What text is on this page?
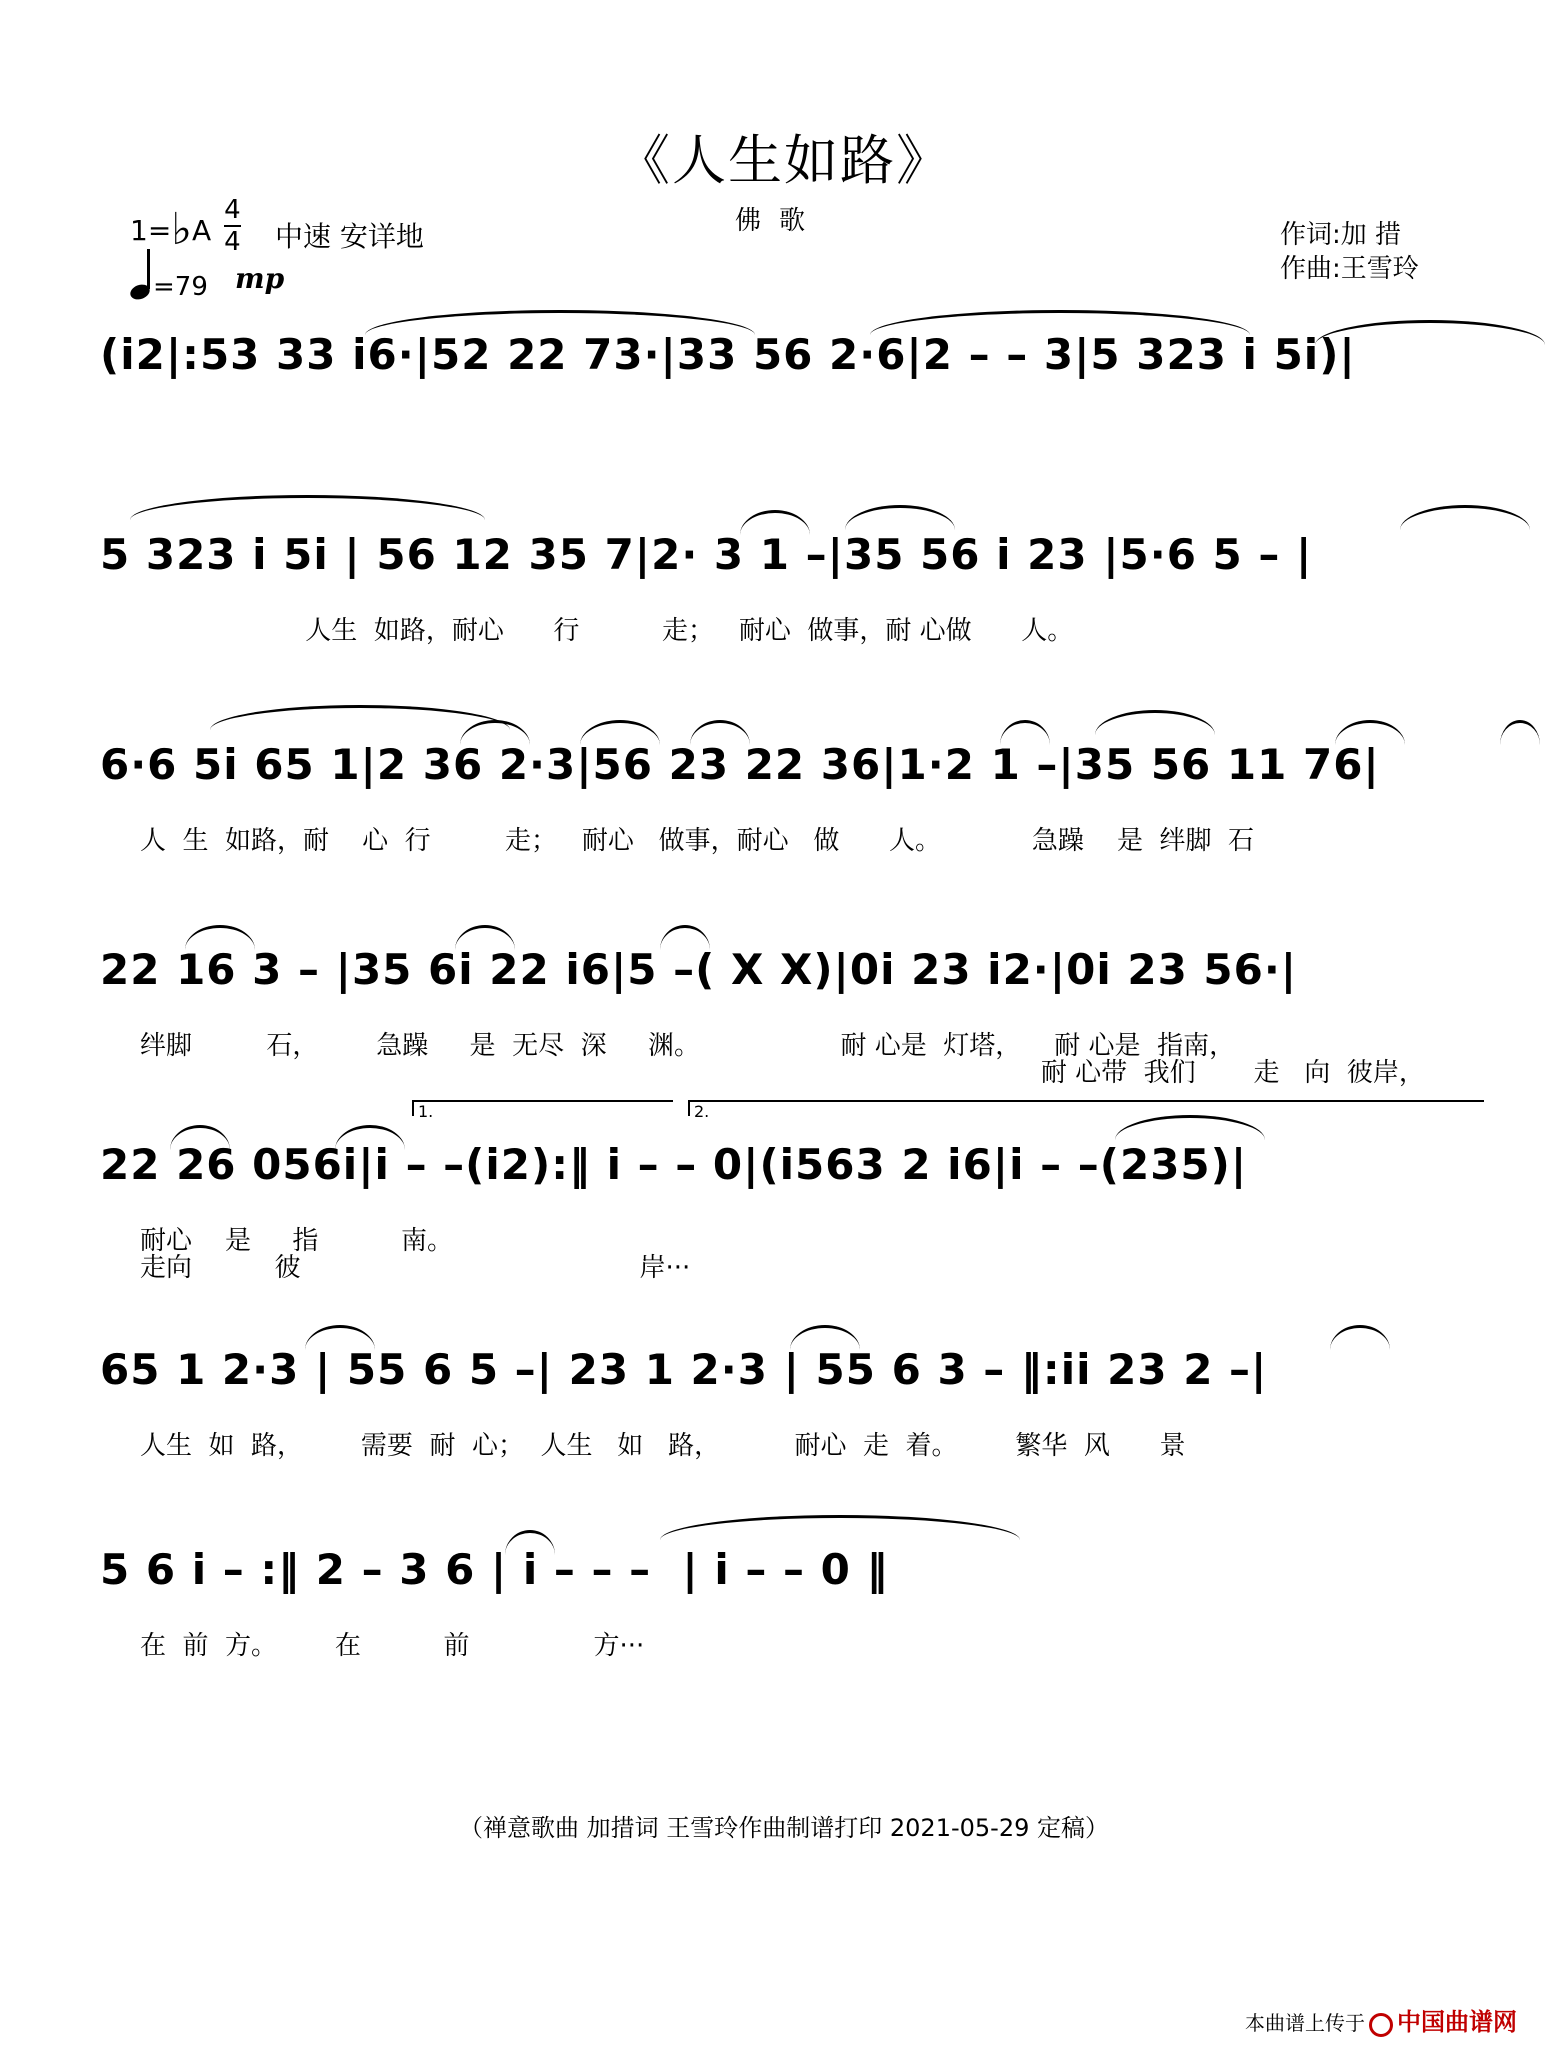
《人生如路》
佛歌	作词:加 措
作曲:王雪玲
1=♭A $\frac{4}{4}$ 中速 安详地
=79 mp
(i2|:53 33 i6·|52 22 73·|33 56 2·6|2 – – 3|5 323 i 5i)|
5 323 i 5i | 56 12 35 7|2· 3 1 –|35 56 i 23 |5·6 5 – |
人生  如路，耐心      行          走；   耐心  做事，耐 心做      人。
6·6 5i 65 1|2 36 2·3|56 23 22 36|1·2 1 –|35 56 11 76|
人  生  如路，耐    心  行         走；   耐心   做事，耐心   做      人。           急躁    是  绊脚  石
22 16 3 – |35 6i 22 i6|5 –( X X)|0i 23 i2·|0i 23 56·|
绊脚         石，       急躁     是  无尽  深     渊。                 耐 心是  灯塔，    耐 心是  指南，
耐 心带  我们       走   向  彼岸，
1.	2.
22 26 056i|i – –(i2):‖ i – – 0|(i563 2 i6|i – –(235)|
耐心    是     指          南。
走向          彼                                         岸···
65 1 2·3 | 55 6 5 –| 23 1 2·3 | 55 6 3 – ‖:ii 23 2 –|
人生  如  路，       需要  耐  心；  人生   如   路，         耐心  走  着。       繁华  风      景
5 6 i – :‖ 2 – 3 6 | i – – –  | i – – 0 ‖
在  前  方。       在          前               方···
（禅意歌曲 加措词 王雪玲作曲制谱打印 2021-05-29 定稿）
本曲谱上传于 中国曲谱网
